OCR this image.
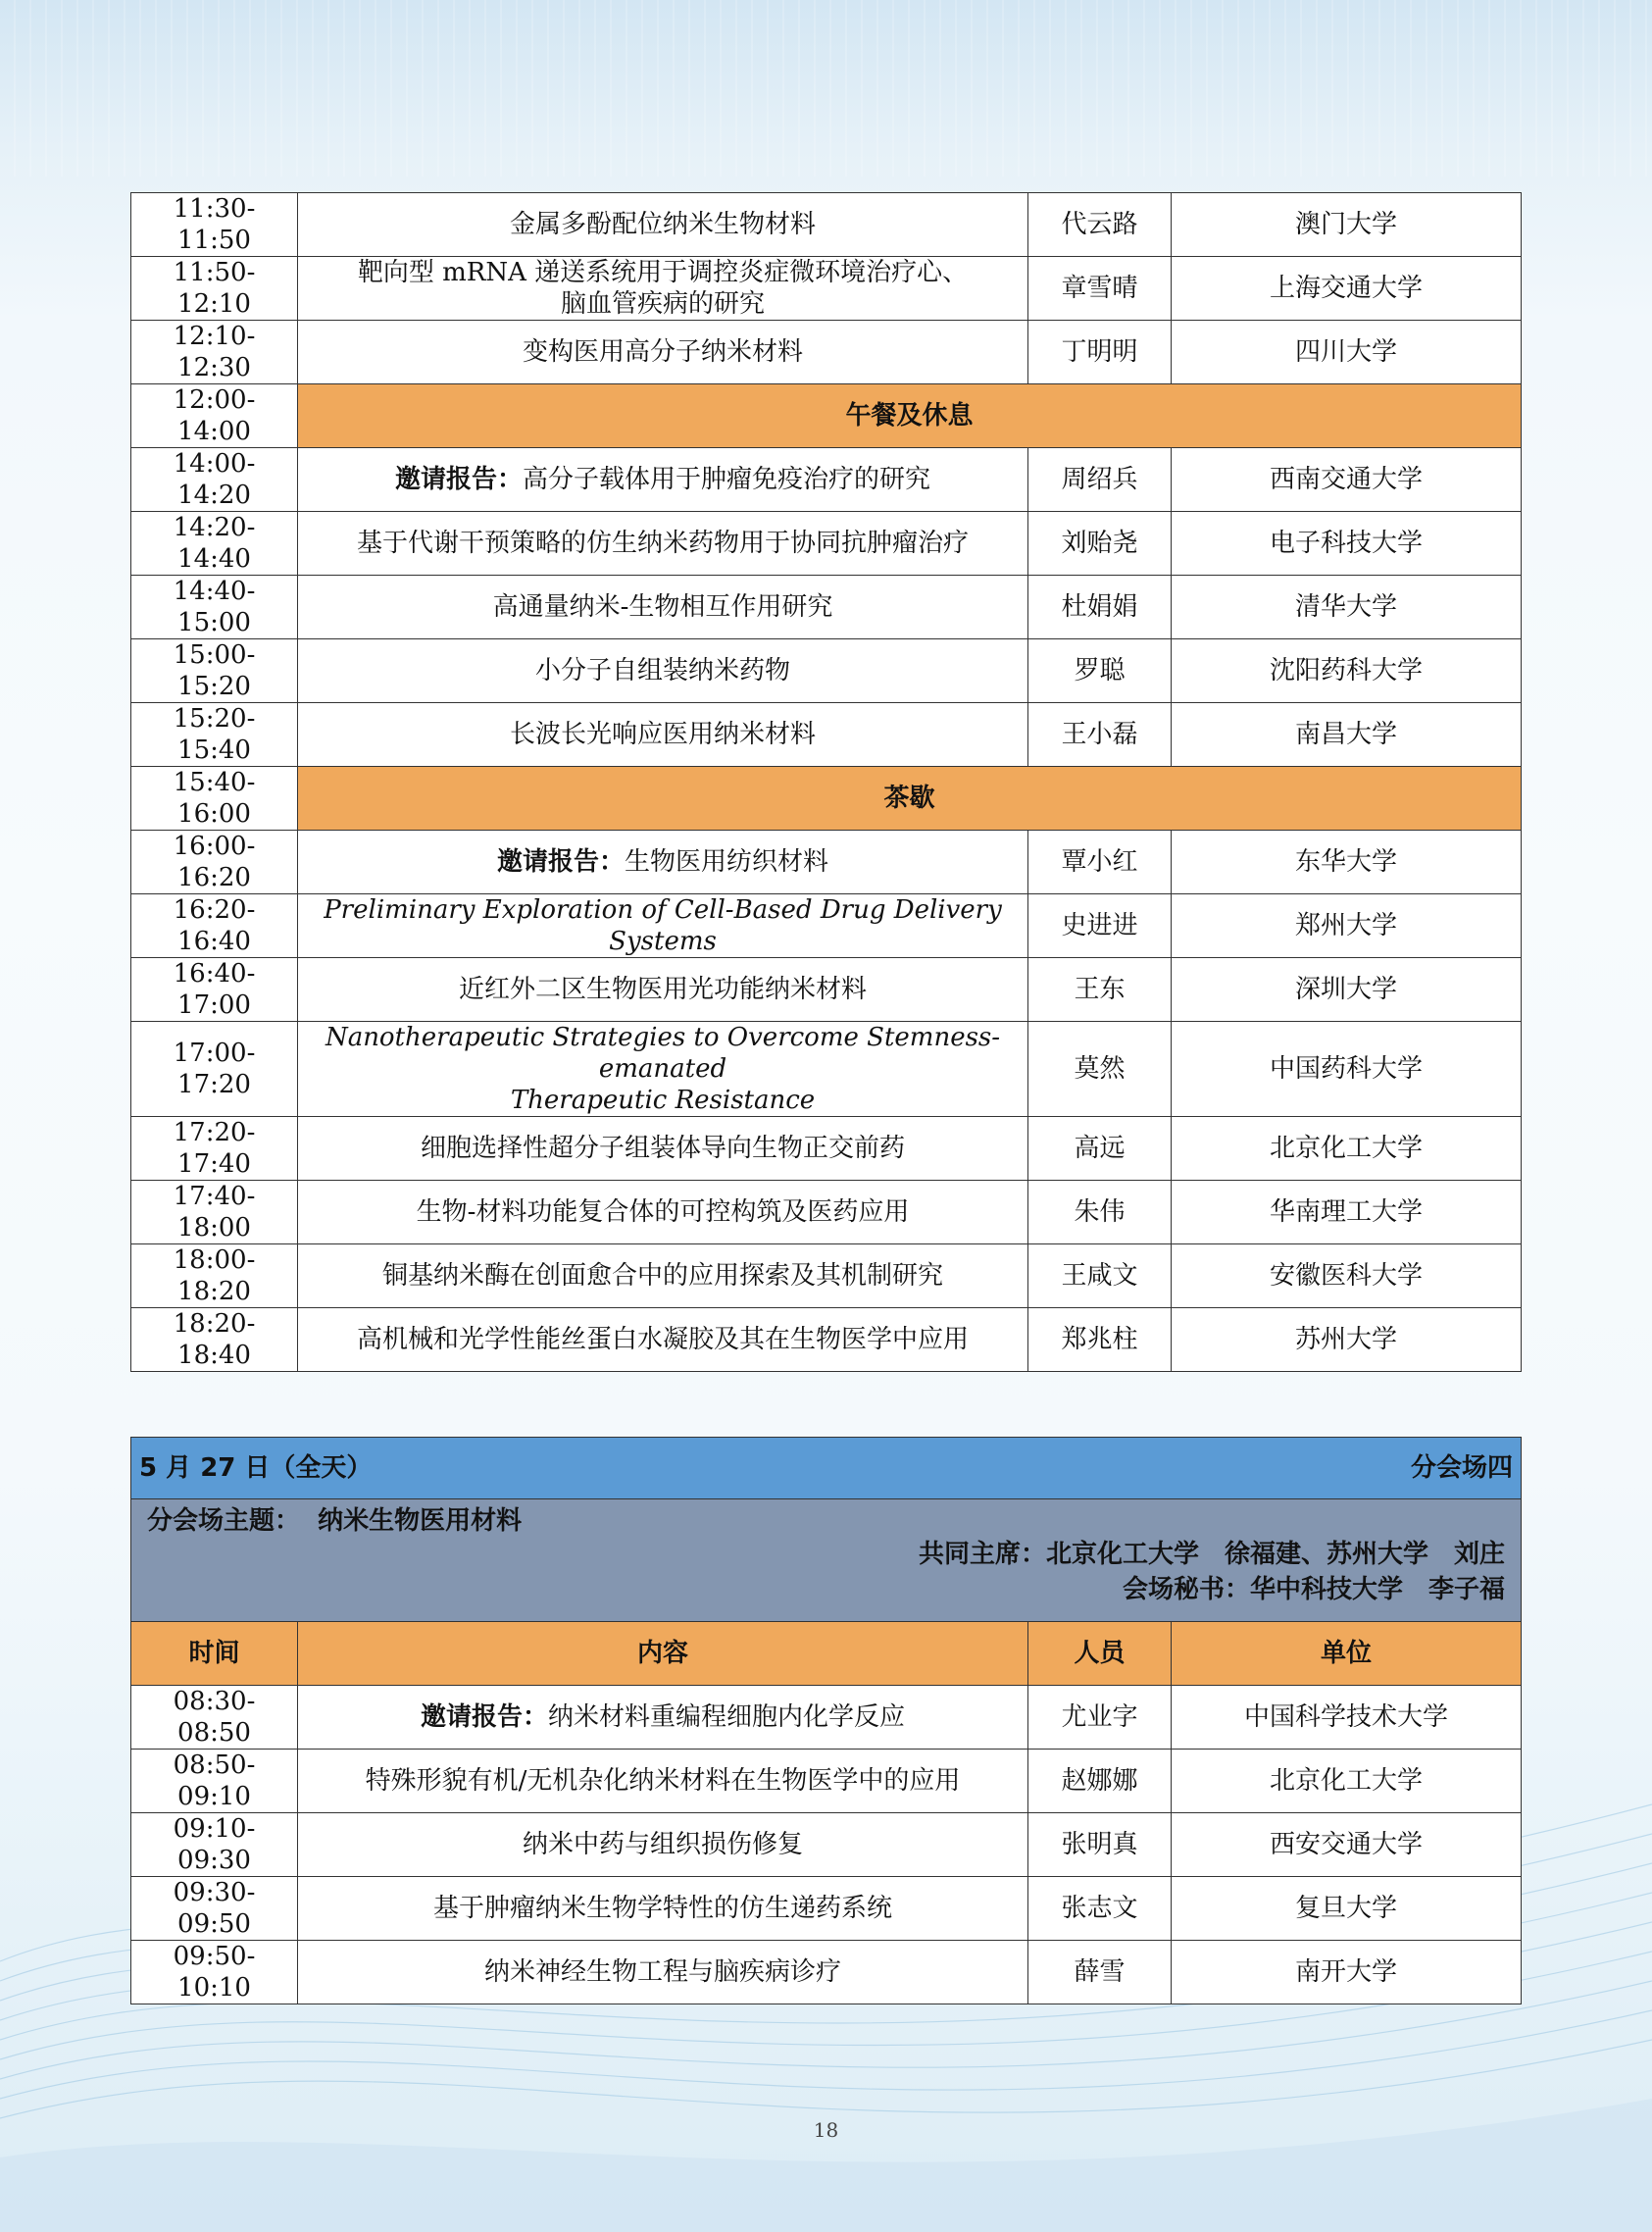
11:30-11:50	金属多酚配位纳米生物材料	代云路	澳门大学
11:50-12:10	靶向型 mRNA 递送系统用于调控炎症微环境治疗心、
脑血管疾病的研究	章雪晴	上海交通大学
12:10-12:30	变构医用高分子纳米材料	丁明明	四川大学
12:00-14:00	午餐及休息		
14:00-14:20	邀请报告：高分子载体用于肿瘤免疫治疗的研究	周绍兵	西南交通大学
14:20-14:40	基于代谢干预策略的仿生纳米药物用于协同抗肿瘤治疗	刘贻尧	电子科技大学
14:40-15:00	高通量纳米-生物相互作用研究	杜娟娟	清华大学
15:00-15:20	小分子自组装纳米药物	罗聪	沈阳药科大学
15:20-15:40	长波长光响应医用纳米材料	王小磊	南昌大学
15:40-16:00	茶歇		
16:00-16:20	邀请报告：生物医用纺织材料	覃小红	东华大学
16:20-16:40	Preliminary Exploration of Cell-Based Drug Delivery Systems	史进进	郑州大学
16:40-17:00	近红外二区生物医用光功能纳米材料	王东	深圳大学
17:00-17:20	Nanotherapeutic Strategies to Overcome Stemness-emanated
Therapeutic Resistance	莫然	中国药科大学
17:20-17:40	细胞选择性超分子组装体导向生物正交前药	高远	北京化工大学
17:40-18:00	生物-材料功能复合体的可控构筑及医药应用	朱伟	华南理工大学
18:00-18:20	铜基纳米酶在创面愈合中的应用探索及其机制研究	王咸文	安徽医科大学
18:20-18:40	高机械和光学性能丝蛋白水凝胶及其在生物医学中应用	郑兆柱	苏州大学
5 月 27 日（全天） 分会场四			

分会场主题： 纳米生物医用材料
共同主席：北京化工大学　徐福建、苏州大学　刘庄
会场秘书：华中科技大学　李子福			

时间	内容	人员	单位
08:30-08:50	邀请报告：纳米材料重编程细胞内化学反应	尤业字	中国科学技术大学
08:50-09:10	特殊形貌有机/无机杂化纳米材料在生物医学中的应用	赵娜娜	北京化工大学
09:10-09:30	纳米中药与组织损伤修复	张明真	西安交通大学
09:30-09:50	基于肿瘤纳米生物学特性的仿生递药系统	张志文	复旦大学
09:50-10:10	纳米神经生物工程与脑疾病诊疗	薛雪	南开大学
18
